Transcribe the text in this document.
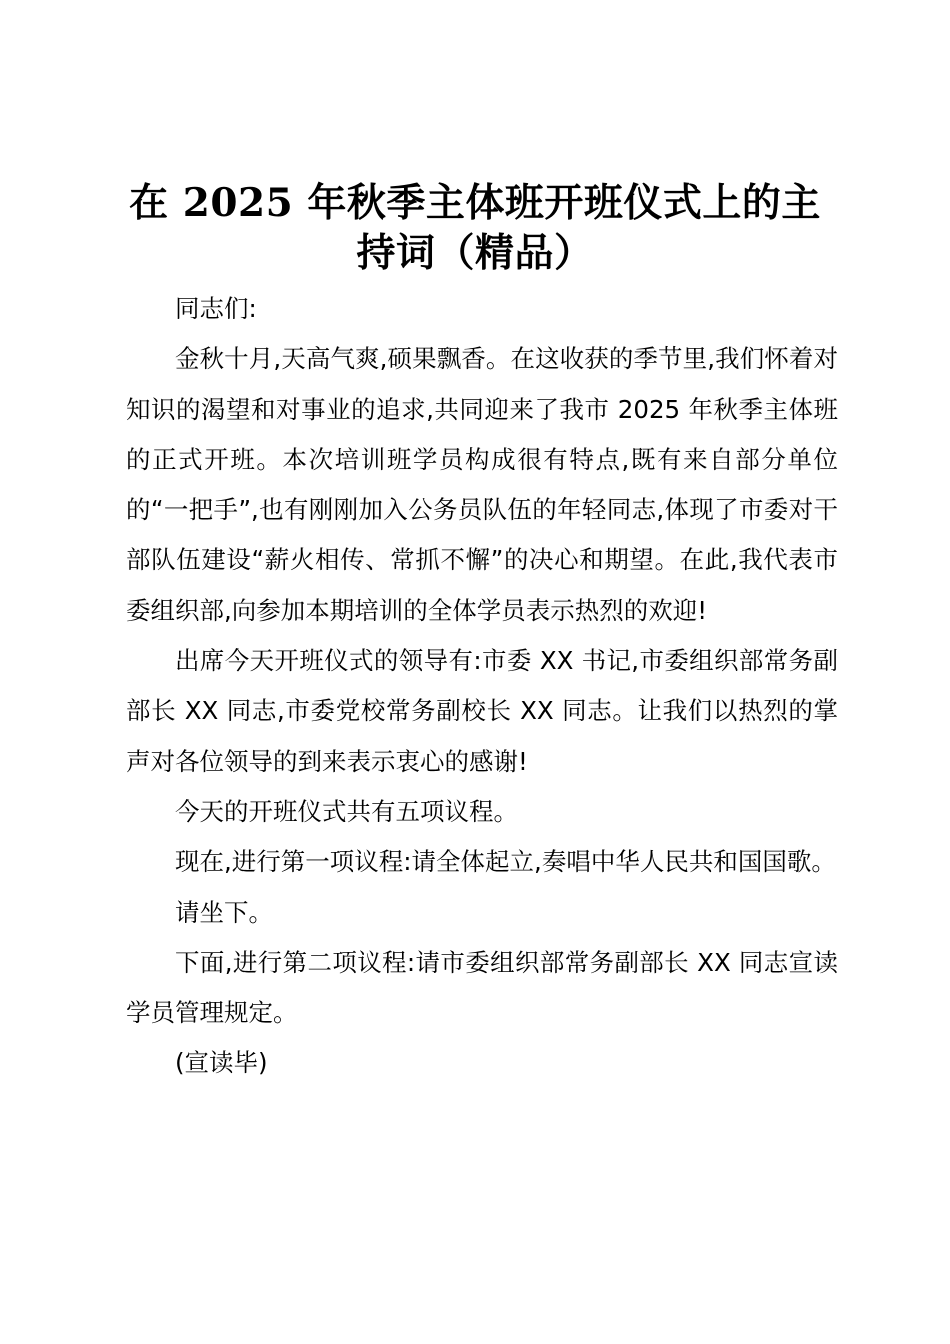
在 2025 年秋季主体班开班仪式上的主持词（精品）

同志们:

金秋十月,天高气爽,硕果飘香。在这收获的季节里,我们怀着对知识的渴望和对事业的追求,共同迎来了我市 2025 年秋季主体班的正式开班。本次培训班学员构成很有特点,既有来自部分单位的“一把手”,也有刚刚加入公务员队伍的年轻同志,体现了市委对干部队伍建设“薪火相传、常抓不懈”的决心和期望。在此,我代表市委组织部,向参加本期培训的全体学员表示热烈的欢迎!

出席今天开班仪式的领导有:市委 XX 书记,市委组织部常务副部长 XX 同志,市委党校常务副校长 XX 同志。让我们以热烈的掌声对各位领导的到来表示衷心的感谢!

今天的开班仪式共有五项议程。

现在,进行第一项议程:请全体起立,奏唱中华人民共和国国歌。

请坐下。

下面,进行第二项议程:请市委组织部常务副部长 XX 同志宣读学员管理规定。

(宣读毕)
